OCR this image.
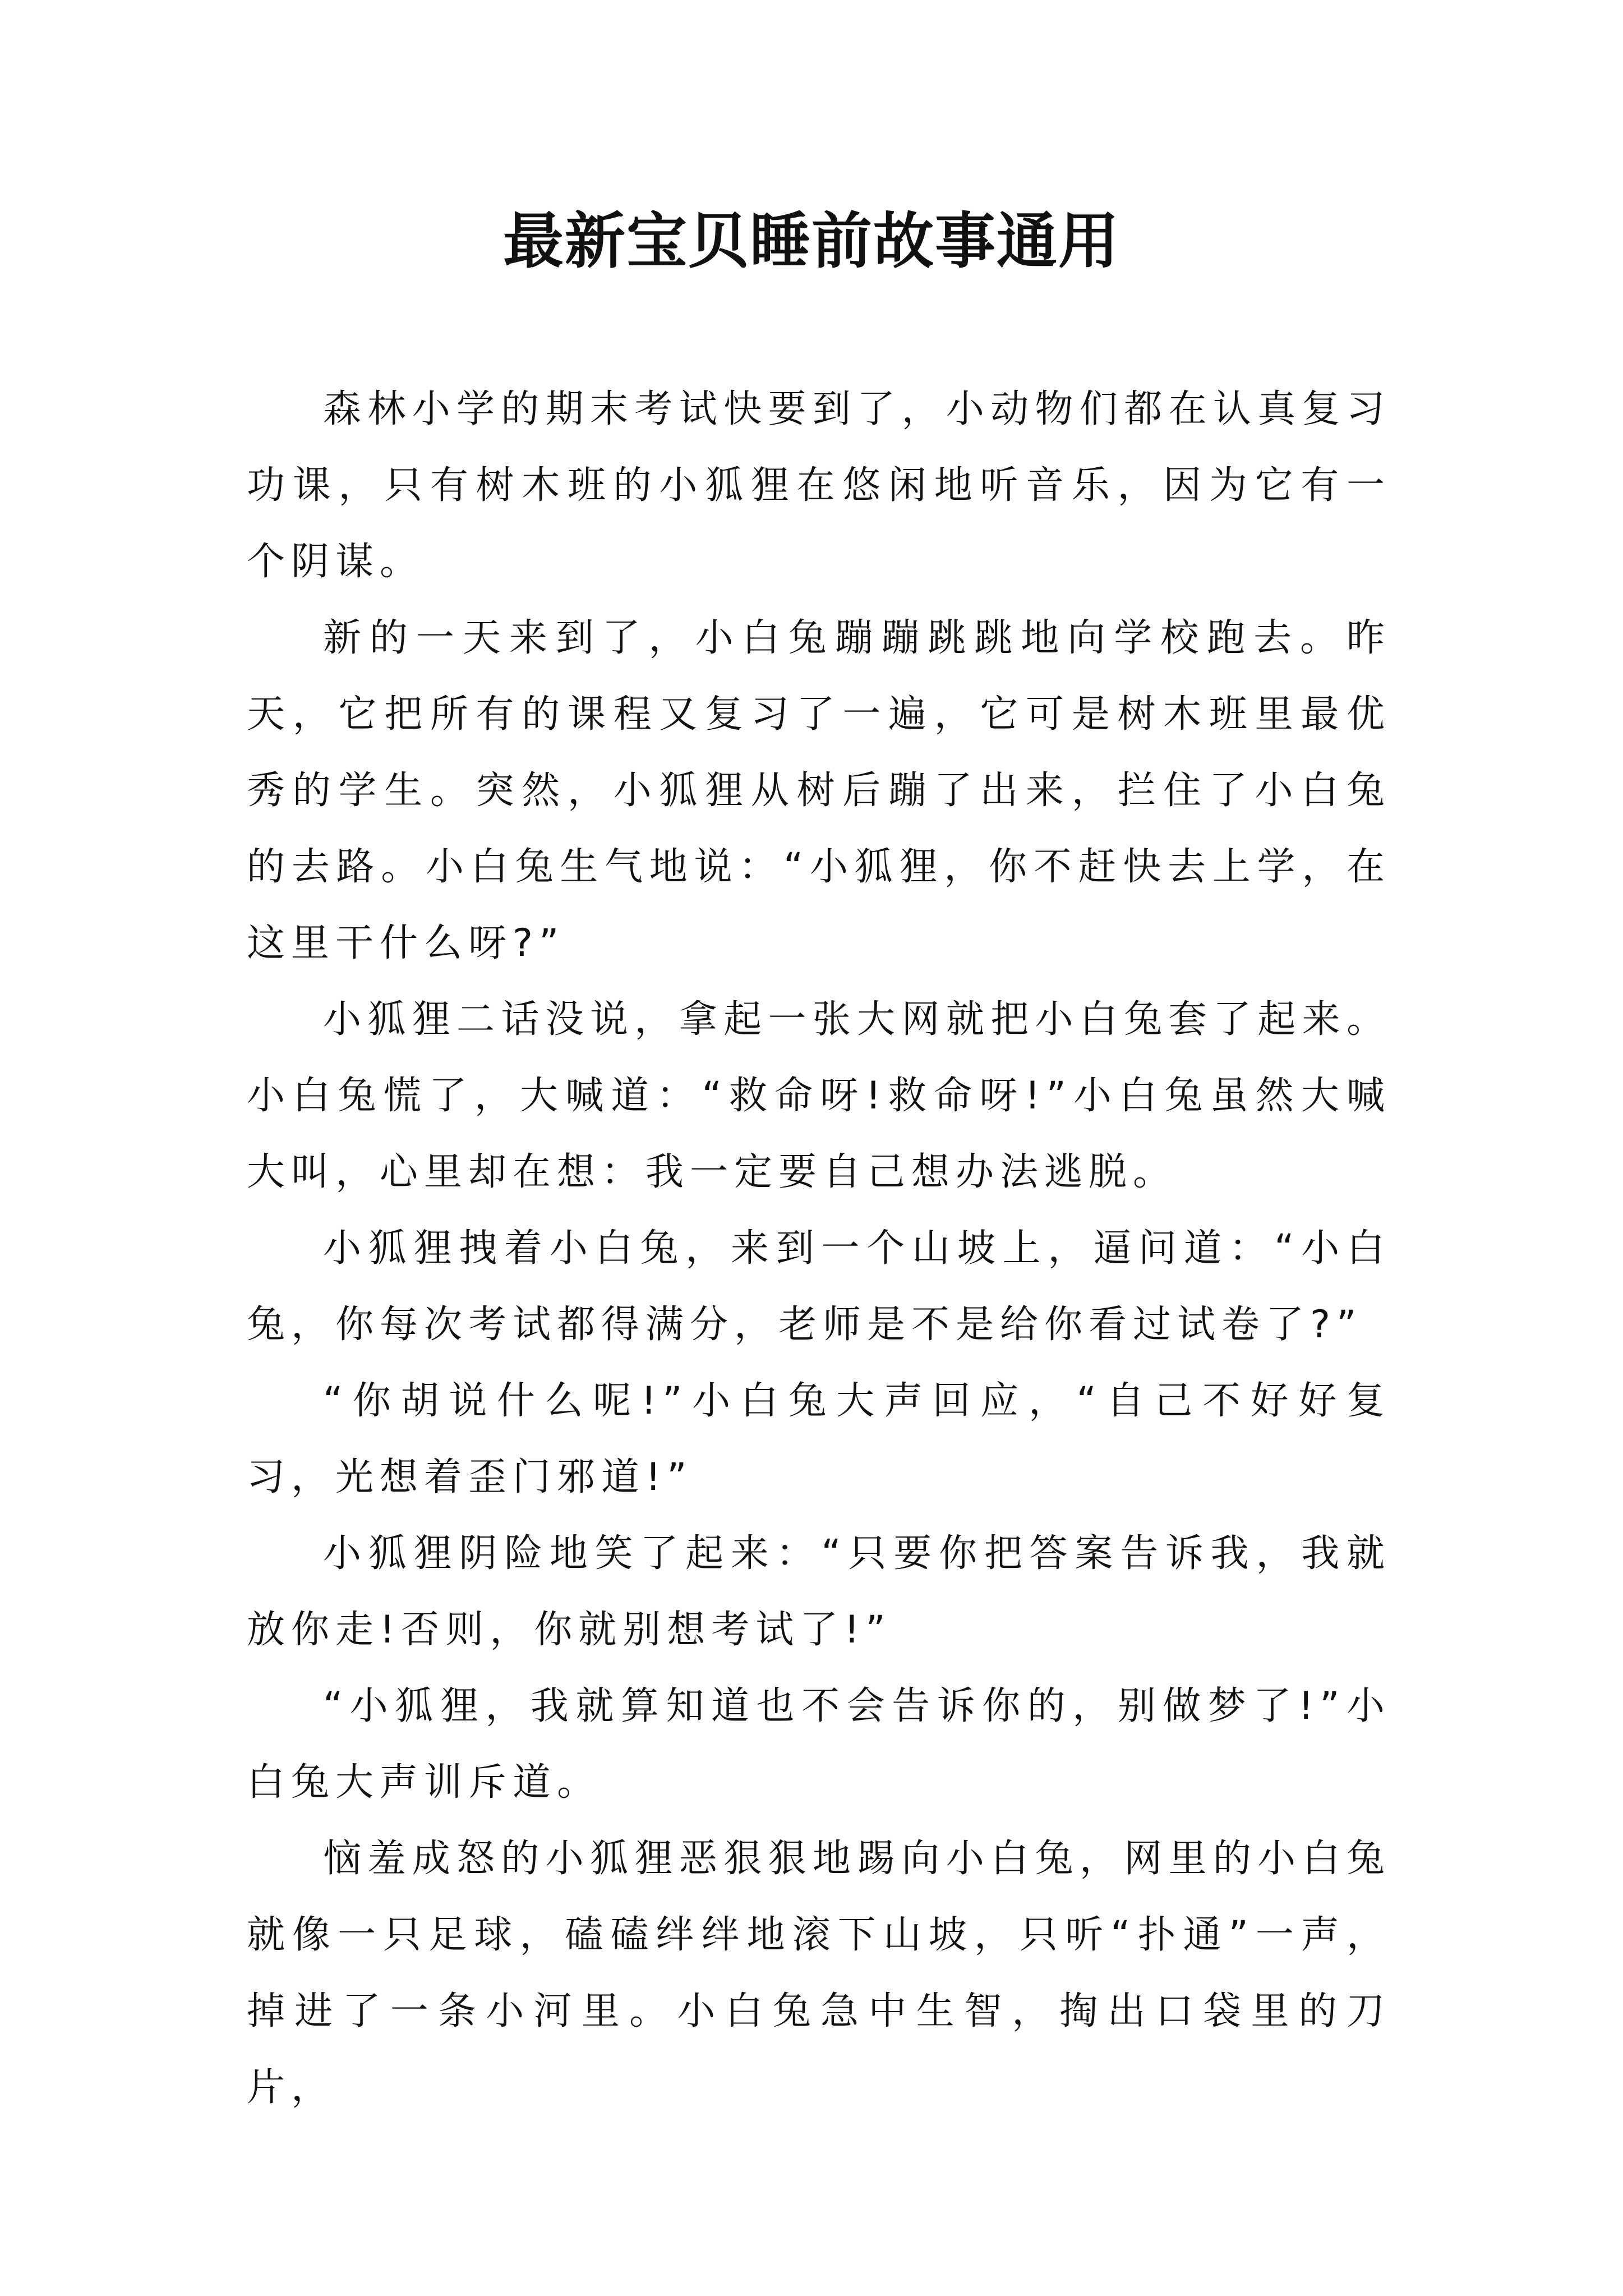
最新宝贝睡前故事通用

森林小学的期末考试快要到了，小动物们都在认真复习功课，只有树木班的小狐狸在悠闲地听音乐，因为它有一个阴谋。

新的一天来到了，小白兔蹦蹦跳跳地向学校跑去。昨天，它把所有的课程又复习了一遍，它可是树木班里最优秀的学生。突然，小狐狸从树后蹦了出来，拦住了小白兔的去路。小白兔生气地说：“小狐狸，你不赶快去上学，在这里干什么呀?”

小狐狸二话没说，拿起一张大网就把小白兔套了起来。小白兔慌了，大喊道：“救命呀!救命呀!”小白兔虽然大喊大叫，心里却在想：我一定要自己想办法逃脱。

小狐狸拽着小白兔，来到一个山坡上，逼问道：“小白兔，你每次考试都得满分，老师是不是给你看过试卷了?”

“你胡说什么呢!”小白兔大声回应，“自己不好好复习，光想着歪门邪道!”

小狐狸阴险地笑了起来：“只要你把答案告诉我，我就放你走!否则，你就别想考试了!”

“小狐狸，我就算知道也不会告诉你的，别做梦了!”小白兔大声训斥道。

恼羞成怒的小狐狸恶狠狠地踢向小白兔，网里的小白兔就像一只足球，磕磕绊绊地滚下山坡，只听“扑通”一声，掉进了一条小河里。小白兔急中生智，掏出口袋里的刀片，
